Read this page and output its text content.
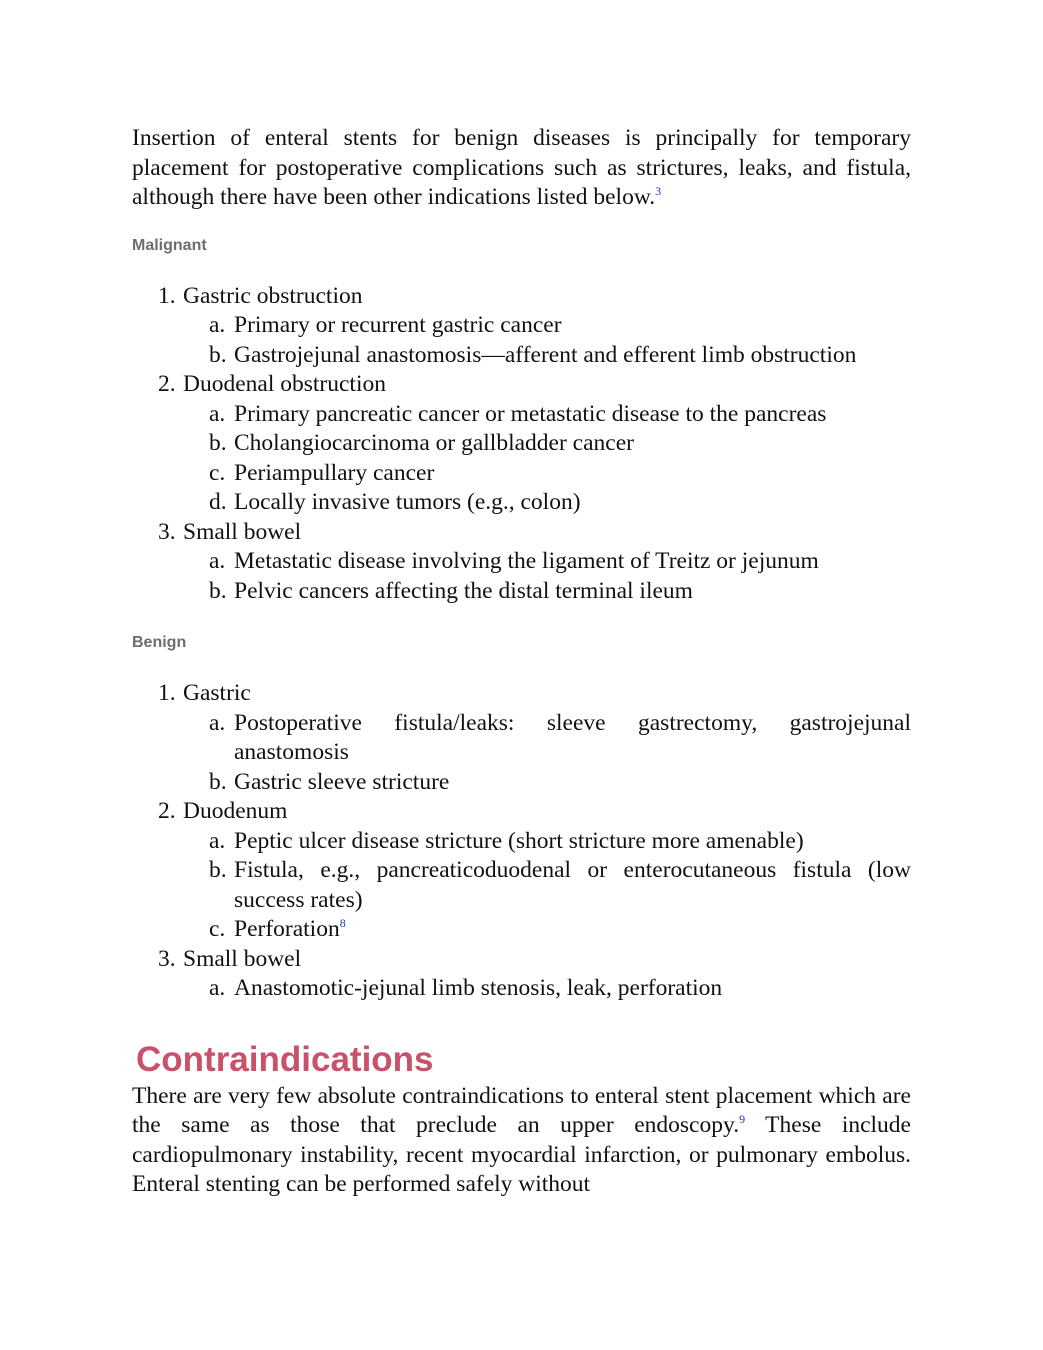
Insertion of enteral stents for benign diseases is principally for temporary placement for postoperative complications such as strictures, leaks, and fistula, although there have been other indications listed below.$^3$

Malignant

1. Gastric obstruction
a. Primary or recurrent gastric cancer
b. Gastrojejunal anastomosis—afferent and efferent limb obstruction
2. Duodenal obstruction
a. Primary pancreatic cancer or metastatic disease to the pancreas
b. Cholangiocarcinoma or gallbladder cancer
c. Periampullary cancer
d. Locally invasive tumors (e.g., colon)
3. Small bowel
a. Metastatic disease involving the ligament of Treitz or jejunum
b. Pelvic cancers affecting the distal terminal ileum

Benign

1. Gastric
a. Postoperative fistula/leaks: sleeve gastrectomy, gastrojejunal anastomosis
b. Gastric sleeve stricture
2. Duodenum
a. Peptic ulcer disease stricture (short stricture more amenable)
b. Fistula, e.g., pancreaticoduodenal or enterocutaneous fistula (low success rates)
c. Perforation$^8$
3. Small bowel
a. Anastomotic-jejunal limb stenosis, leak, perforation
Contraindications

There are very few absolute contraindications to enteral stent placement which are the same as those that preclude an upper endoscopy.$^9$ These include cardiopulmonary instability, recent myocardial infarction, or pulmonary embolus. Enteral stenting can be performed safely without
